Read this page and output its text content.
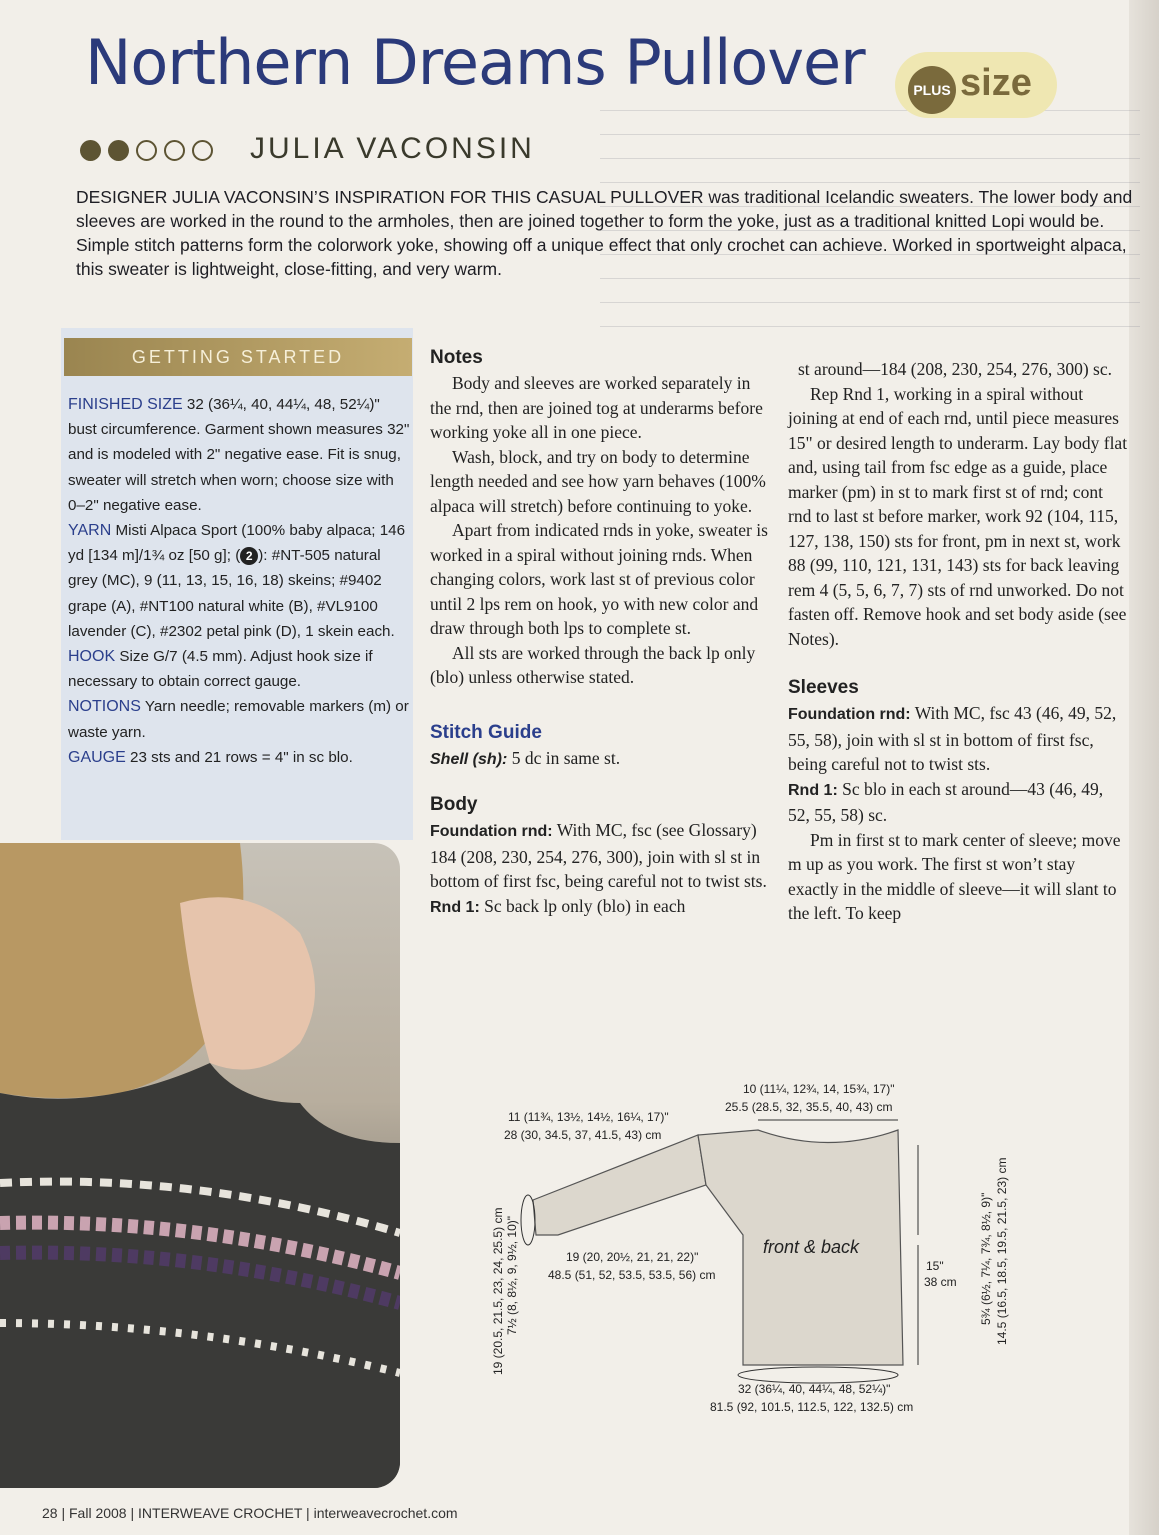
Northern Dreams Pullover	PLUS size
JULIA VACONSIN
DESIGNER JULIA VACONSIN’S INSPIRATION FOR THIS CASUAL PULLOVER was traditional Icelandic sweaters. The lower body and sleeves are worked in the round to the armholes, then are joined together to form the yoke, just as a traditional knitted Lopi would be. Simple stitch patterns form the colorwork yoke, showing off a unique effect that only crochet can achieve. Worked in sportweight alpaca, this sweater is lightweight, close-fitting, and very warm.
GETTING STARTED
FINISHED SIZE 32 (36¼, 40, 44¼, 48, 52¼)" bust circumference. Garment shown measures 32" and is modeled with 2" negative ease. Fit is snug, sweater will stretch when worn; choose size with 0–2" negative ease.
YARN Misti Alpaca Sport (100% baby alpaca; 146 yd [134 m]/1¾ oz [50 g]; ( 2 ): #NT-505 natural grey (MC), 9 (11, 13, 15, 16, 18) skeins; #9402 grape (A), #NT100 natural white (B), #VL9100 lavender (C), #2302 petal pink (D), 1 skein each.
HOOK Size G/7 (4.5 mm). Adjust hook size if necessary to obtain correct gauge.
NOTIONS Yarn needle; removable markers (m) or waste yarn.
GAUGE 23 sts and 21 rows = 4" in sc blo.

Notes

Body and sleeves are worked separately in the rnd, then are joined tog at underarms before working yoke all in one piece.

Wash, block, and try on body to determine length needed and see how yarn behaves (100% alpaca will stretch) before continuing to yoke.

Apart from indicated rnds in yoke, sweater is worked in a spiral without joining rnds. When changing colors, work last st of previous color until 2 lps rem on hook, yo with new color and draw through both lps to complete st.

All sts are worked through the back lp only (blo) unless otherwise stated.

Stitch Guide

Shell (sh): 5 dc in same st.

Body

Foundation rnd: With MC, fsc (see Glossary) 184 (208, 230, 254, 276, 300), join with sl st in bottom of first fsc, being careful not to twist sts.

Rnd 1: Sc back lp only (blo) in each

st around—184 (208, 230, 254, 276, 300) sc.

Rep Rnd 1, working in a spiral without joining at end of each rnd, until piece measures 15" or desired length to underarm. Lay body flat and, using tail from fsc edge as a guide, place marker (pm) in st to mark first st of rnd; cont rnd to last st before marker, work 92 (104, 115, 127, 138, 150) sts for front, pm in next st, work 88 (99, 110, 121, 131, 143) sts for back leaving rem 4 (5, 5, 6, 7, 7) sts of rnd unworked. Do not fasten off. Remove hook and set body aside (see Notes).

Sleeves

Foundation rnd: With MC, fsc 43 (46, 49, 52, 55, 58), join with sl st in bottom of first fsc, being careful not to twist sts.

Rnd 1: Sc blo in each st around—43 (46, 49, 52, 55, 58) sc.

Pm in first st to mark center of sleeve; move m up as you work. The first st won’t stay exactly in the middle of sleeve—it will slant to the left. To keep

front & back
10 (11¼, 12¾, 14, 15¾, 17)"
25.5 (28.5, 32, 35.5, 40, 43) cm
11 (11¾, 13½, 14½, 16¼, 17)"
28 (30, 34.5, 37, 41.5, 43) cm
19 (20, 20½, 21, 21, 22)"
48.5 (51, 52, 53.5, 53.5, 56) cm
7½ (8, 8½, 9, 9½, 10)"
19 (20.5, 21.5, 23, 24, 25.5) cm	15"
38 cm 5¾ (6½, 7¼, 7¾, 8½, 9)" 14.5 (16.5, 18.5, 19.5, 21.5, 23) cm
32 (36¼, 40, 44¼, 48, 52¼)"
81.5 (92, 101.5, 112.5, 122, 132.5) cm
28 | Fall 2008 | INTERWEAVE CROCHET | interweavecrochet.com
